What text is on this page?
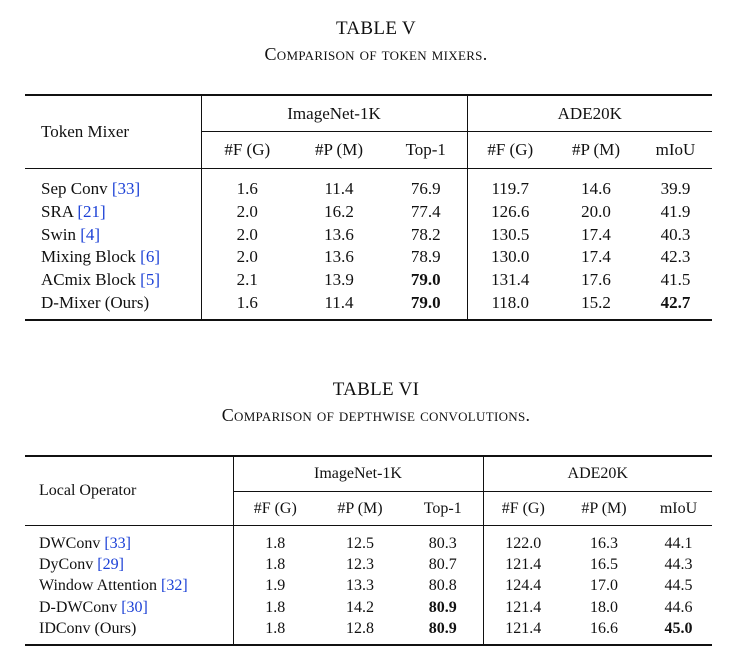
TABLE V
Comparison of token mixers.
Token Mixer	ImageNet-1K			ADE20K		
	#F (G)	#P (M)	Top-1	#F (G)	#P (M)	mIoU
Sep Conv [33]	1.6	11.4	76.9	119.7	14.6	39.9
SRA [21]	2.0	16.2	77.4	126.6	20.0	41.9
Swin [4]	2.0	13.6	78.2	130.5	17.4	40.3
Mixing Block [6]	2.0	13.6	78.9	130.0	17.4	42.3
ACmix Block [5]	2.1	13.9	79.0	131.4	17.6	41.5
D-Mixer (Ours)	1.6	11.4	79.0	118.0	15.2	42.7
TABLE VI
Comparison of depthwise convolutions.
Local Operator	ImageNet-1K			ADE20K		
	#F (G)	#P (M)	Top-1	#F (G)	#P (M)	mIoU
DWConv [33]	1.8	12.5	80.3	122.0	16.3	44.1
DyConv [29]	1.8	12.3	80.7	121.4	16.5	44.3
Window Attention [32]	1.9	13.3	80.8	124.4	17.0	44.5
D-DWConv [30]	1.8	14.2	80.9	121.4	18.0	44.6
IDConv (Ours)	1.8	12.8	80.9	121.4	16.6	45.0
